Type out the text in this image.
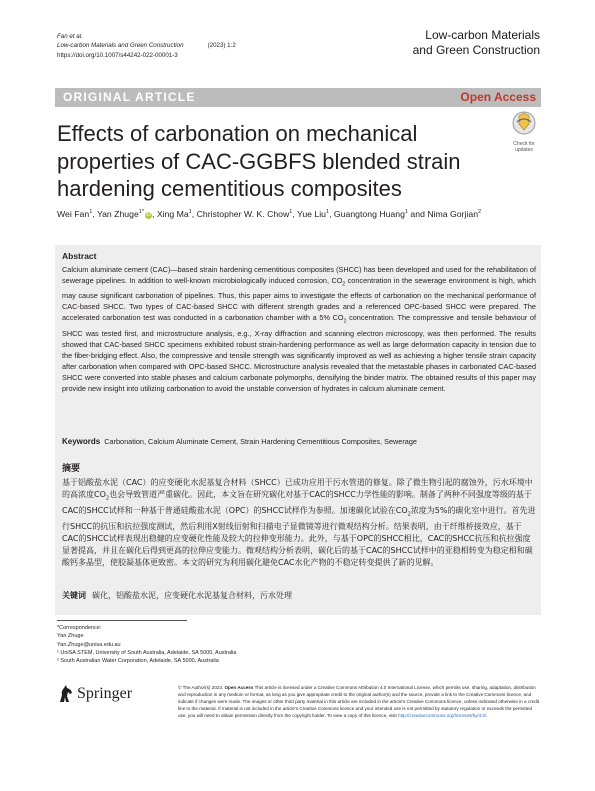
Fan et al.
Low-carbon Materials and Green Construction	(2023) 1:2
https://doi.org/10.1007/s44242-022-00001-3
Low-carbon Materials
and Green Construction
ORIGINAL ARTICLE	Open Access
Effects of carbonation on mechanical
properties of CAC-GGBFS blended strain
hardening cementitious composites
Check for
updates
Wei Fan$^1$, Yan Zhuge$^{1*}$ iD, Xing Ma$^1$, Christopher W. K. Chow$^1$, Yue Liu$^1$, Guangtong Huang$^1$ and Nima Gorjian$^2$
Abstract
Calcium aluminate cement (CAC)—based strain hardening cementitious composites (SHCC) has been developed and used for the rehabilitation of sewerage pipelines. In addition to well-known microbiologically induced corrosion, $CO_2$ concentration in the sewerage environment is high, which may cause significant carbonation of pipelines. Thus, this paper aims to investigate the effects of carbonation on the mechanical performance of CAC-based SHCC. Two types of CAC-based SHCC with different strength grades and a referenced OPC-based SHCC were prepared. The accelerated carbonation test was conducted in a carbonation chamber with a 5% $CO_2$ concentration. The compressive and tensile behaviour of SHCC was tested first, and microstructure analysis, e.g., X-ray diffraction and scanning electron microscopy, was then performed. The results showed that CAC-based SHCC specimens exhibited robust strain-hardening performance as well as large deformation capacity in tension due to the fiber-bridging effect. Also, the compressive and tensile strength was significantly improved as well as achieving a higher tensile strain capacity after carbonation when compared with OPC-based SHCC. Microstructure analysis revealed that the metastable phases in carbonated CAC-based SHCC were converted into stable phases and calcium carbonate polymorphs, densifying the binder matrix. The obtained results of this paper may provide new insight into utilizing carbonation to avoid the unstable conversion of hydrates in calcium aluminate cement.
Keywords Carbonation, Calcium Aluminate Cement, Strain Hardening Cementitious Composites, Sewerage
摘要
基于铝酸盐水泥（CAC）的应变硬化水泥基复合材料（SHCC）已成功应用于污水管道的修复。除了微生物引起的腐蚀外，污水环境中的高浓度$CO_2$也会导致管道严重碳化。因此，本文旨在研究碳化对基于CAC的SHCC力学性能的影响。制备了两种不同强度等级的基于CAC的SHCC试样和一种基于普通硅酸盐水泥（OPC）的SHCC试样作为参照。加速碳化试验在$CO_2$浓度为5%的碳化室中进行。首先进行SHCC的抗压和抗拉强度测试，然后利用X射线衍射和扫描电子显微镜等进行微观结构分析。结果表明，由于纤维桥接效应，基于CAC的SHCC试样表现出稳健的应变硬化性能及较大的拉伸变形能力。此外，与基于OPC的SHCC相比，CAC的SHCC抗压和抗拉强度显著提高，并且在碳化后得到更高的拉伸应变能力。微观结构分析表明，碳化后的基于CAC的SHCC试样中的亚稳相转变为稳定相和碳酸钙多晶型，使胶凝基体更致密。本文的研究为利用碳化避免CAC水化产物的不稳定转变提供了新的见解。
关键词 碳化，铝酸盐水泥，应变硬化水泥基复合材料，污水处理
*Correspondence:
Yan Zhuge
Yan.Zhuge@unisa.edu.au
¹ UniSA STEM, University of South Australia, Adelaide, SA 5000, Australia
² South Australian Water Corporation, Adelaide, SA 5000, Australia
Springer	© The Author(s) 2023. Open Access This article is licensed under a Creative Commons Attribution 4.0 International License, which permits use, sharing, adaptation, distribution and reproduction in any medium or format, as long as you give appropriate credit to the original author(s) and the source, provide a link to the Creative Commons licence, and indicate if changes were made. The images or other third party material in this article are included in the article's Creative Commons licence, unless indicated otherwise in a credit line to the material. If material is not included in the article's Creative Commons licence and your intended use is not permitted by statutory regulation or exceeds the permitted use, you will need to obtain permission directly from the copyright holder. To view a copy of this licence, visit http://creativecommons.org/licenses/by/4.0/.
